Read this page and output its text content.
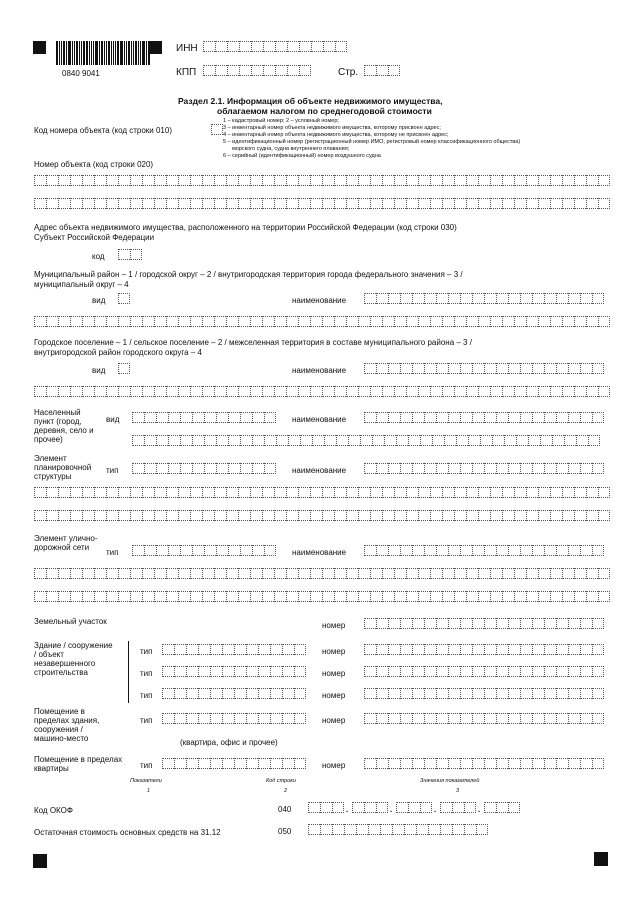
0840 9041
ИНН
КПП	Стр.
Раздел 2.1. Информация об объекте недвижимого имущества,
облагаемом налогом по среднегодовой стоимости
Код номера объекта (код строки 010)
1 – кадастровый номер; 2 – условный номер;
3 – инвентарный номер объекта недвижимого имущества, которому присвоен адрес;
4 – инвентарный номер объекта недвижимого имущества, которому не присвоен адрес;
5 – идентификационный номер (регистрационный номер ИМО, регистровый номер классификационного общества)
морского судна, судна внутреннего плавания;
6 – серийный (идентификационный) номер воздушного судна
Номер объекта (код строки 020)
Адрес объекта недвижимого имущества, расположенного на территории Российской Федерации (код строки 030)
Субъект Российской Федерации
код
Муниципальный район – 1 / городской округ – 2 / внутригородская территория города федерального значения – 3 /
муниципальный округ – 4
вид	наименование
Городское поселение – 1 / сельское поселение – 2 / межселенная территория в составе муниципального района – 3 /
внутригородской район городского округа – 4
вид	наименование
Населенный пункт (город, деревня, село и прочее)
вид	наименование
Элемент планировочной структуры
тип	наименование
Элемент улично-дорожной сети
тип	наименование
Земельный участок	номер
Здание / сооружение / объект незавершенного строительства
тип	номер
тип	номер
тип	номер
Помещение в пределах здания, сооружения / машино-место
тип	номер
(квартира, офис и прочее)
Помещение в пределах квартиры	тип	номер
Показатели
1
Код строки
2
Значения показателей
3
Код ОКОФ	040	.	.	.	.
Остаточная стоимость основных средств на 31.12	050
